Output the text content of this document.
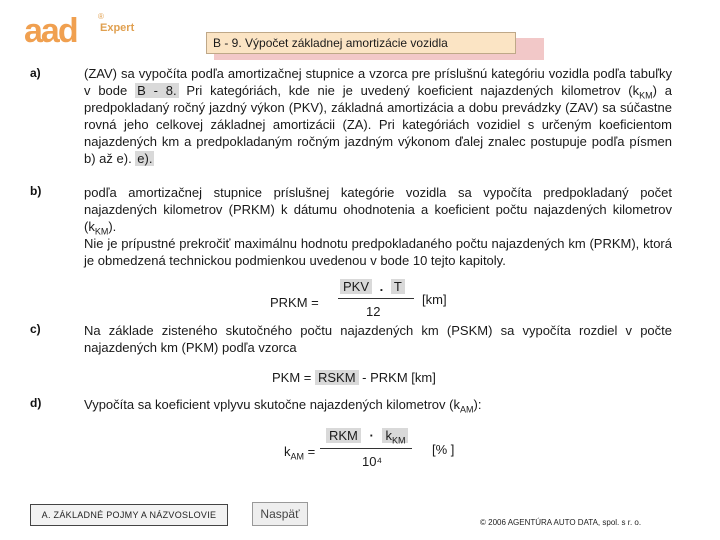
aad	®
Expert
B - 9. Výpočet základnej amortizácie vozidla
a)	(ZAV) sa vypočíta podľa amortizačnej stupnice a vzorca pre príslušnú kategóriu vozidla podľa tabuľky v bode B - 8. Pri kategóriách, kde nie je uvedený koeficient najazdených kilometrov $(k_{KM})$ a predpokladaný ročný jazdný výkon (PKV), základná amortizácia a dobu prevádzky (ZAV) sa súčastne rovná jeho celkovej základnej amortizácii (ZA). Pri kategóriách vozidiel s určeným koeficientom najazdených km a predpokladaným ročným jazdným výkonom ďalej znalec postupuje podľa písmen b) až e). e).
b)	podľa amortizačnej stupnice príslušnej kategórie vozidla sa vypočíta predpokladaný počet najazdených kilometrov (PRKM) k dátumu ohodnotenia a koeficient počtu najazdených kilometrov $(k_{KM})$.
Nie je prípustné prekročiť maximálnu hodnotu predpokladaného počtu najazdených km (PRKM), ktorá je obmedzená technickou podmienkou uvedenou v bode 10 tejto kapitoly.
PRKM =
PKV . T
12
[km]
c)	Na základe zisteného skutočného počtu najazdených km (PSKM) sa vypočíta rozdiel v počte najazdených km (PKM) podľa vzorca
PKM = RSKM - PRKM [km]
d)	Vypočíta sa koeficient vplyvu skutočne najazdených kilometrov $(k_{AM})$:
$k_{AM}$ =
RKM · $k_{KM}$
10⁴
[% ]
A. ZÁKLADNÉ POJMY A NÁZVOSLOVIE	Naspäť
© 2006 AGENTÚRA AUTO DATA, spol. s r. o.
